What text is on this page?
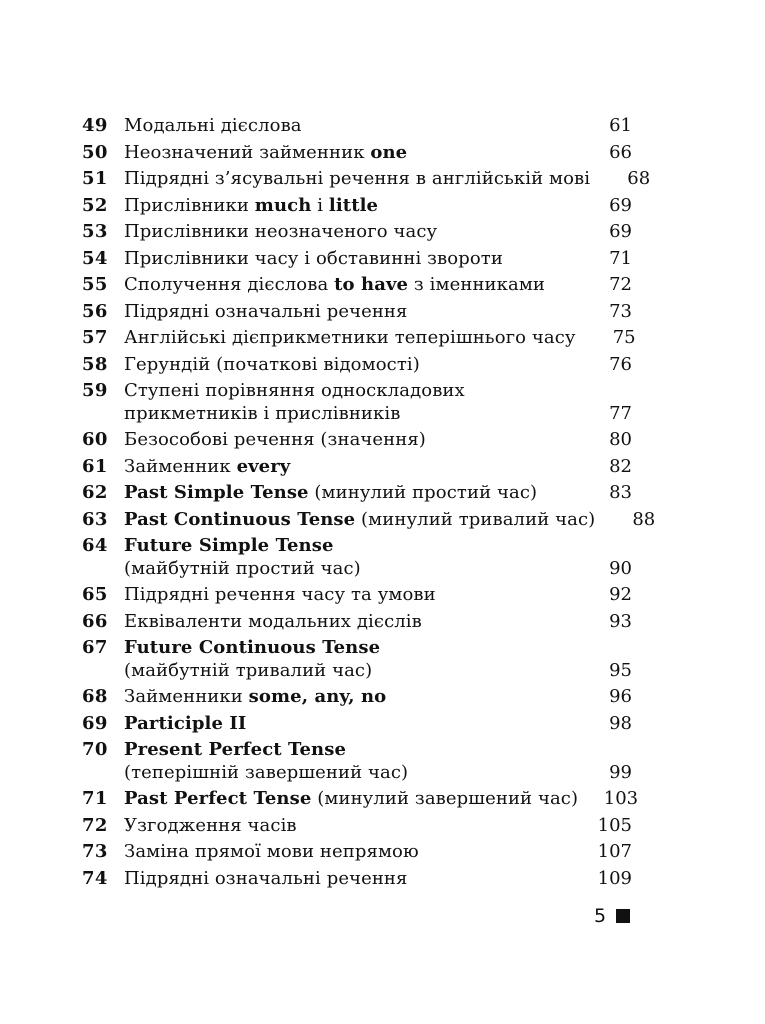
49 Модальні дієслова	61
50 Неозначений займенник one	66
51 Підрядні з’ясувальні речення в англійській мові	68
52 Прислівники much і little	69
53 Прислівники неозначеного часу	69
54 Прислівники часу і обставинні звороти	71
55 Сполучення дієслова to have з іменниками	72
56 Підрядні означальні речення	73
57 Англійські дієприкметники теперішнього часу	75
58 Герундій (початкові відомості)	76
59 Ступені порівняння односкладових
прикметників і прислівників	77
60 Безособові речення (значення)	80
61 Займенник every	82
62 Past Simple Tense (минулий простий час)	83
63 Past Continuous Tense (минулий тривалий час)	88
64 Future Simple Tense
(майбутній простий час)	90
65 Підрядні речення часу та умови	92
66 Еквіваленти модальних дієслів	93
67 Future Continuous Tense
(майбутній тривалий час)	95
68 Займенники some, any, no	96
69 Participle II	98
70 Present Perfect Tense
(теперішній завершений час)	99
71 Past Perfect Tense (минулий завершений час)	103
72 Узгодження часів	105
73 Заміна прямої мови непрямою	107
74 Підрядні означальні речення	109
5
